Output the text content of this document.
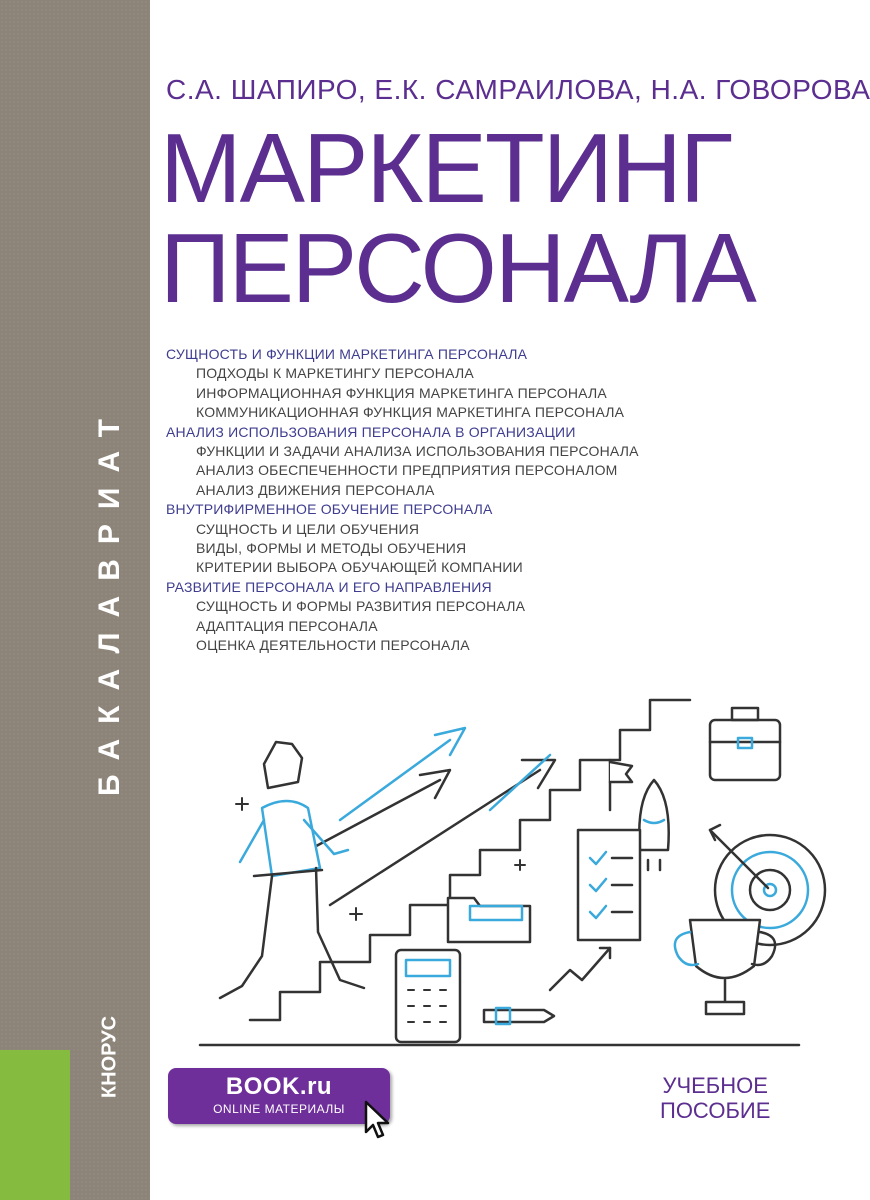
БАКАЛАВРИАТ
КНОРУС
С.А. ШАПИРО, Е.К. САМРАИЛОВА, Н.А. ГОВОРОВА
МАРКЕТИНГ
ПЕРСОНАЛА
СУЩНОСТЬ И ФУНКЦИИ МАРКЕТИНГА ПЕРСОНАЛА
ПОДХОДЫ К МАРКЕТИНГУ ПЕРСОНАЛА
ИНФОРМАЦИОННАЯ ФУНКЦИЯ МАРКЕТИНГА ПЕРСОНАЛА
КОММУНИКАЦИОННАЯ ФУНКЦИЯ МАРКЕТИНГА ПЕРСОНАЛА
АНАЛИЗ ИСПОЛЬЗОВАНИЯ ПЕРСОНАЛА В ОРГАНИЗАЦИИ
ФУНКЦИИ И ЗАДАЧИ АНАЛИЗА ИСПОЛЬЗОВАНИЯ ПЕРСОНАЛА
АНАЛИЗ ОБЕСПЕЧЕННОСТИ ПРЕДПРИЯТИЯ ПЕРСОНАЛОМ
АНАЛИЗ ДВИЖЕНИЯ ПЕРСОНАЛА
ВНУТРИФИРМЕННОЕ ОБУЧЕНИЕ ПЕРСОНАЛА
СУЩНОСТЬ И ЦЕЛИ ОБУЧЕНИЯ
ВИДЫ, ФОРМЫ И МЕТОДЫ ОБУЧЕНИЯ
КРИТЕРИИ ВЫБОРА ОБУЧАЮЩЕЙ КОМПАНИИ
РАЗВИТИЕ ПЕРСОНАЛА И ЕГО НАПРАВЛЕНИЯ
СУЩНОСТЬ И ФОРМЫ РАЗВИТИЯ ПЕРСОНАЛА
АДАПТАЦИЯ ПЕРСОНАЛА
ОЦЕНКА ДЕЯТЕЛЬНОСТИ ПЕРСОНАЛА
BOOK.ru
ONLINE МАТЕРИАЛЫ
УЧЕБНОЕ
ПОСОБИЕ
